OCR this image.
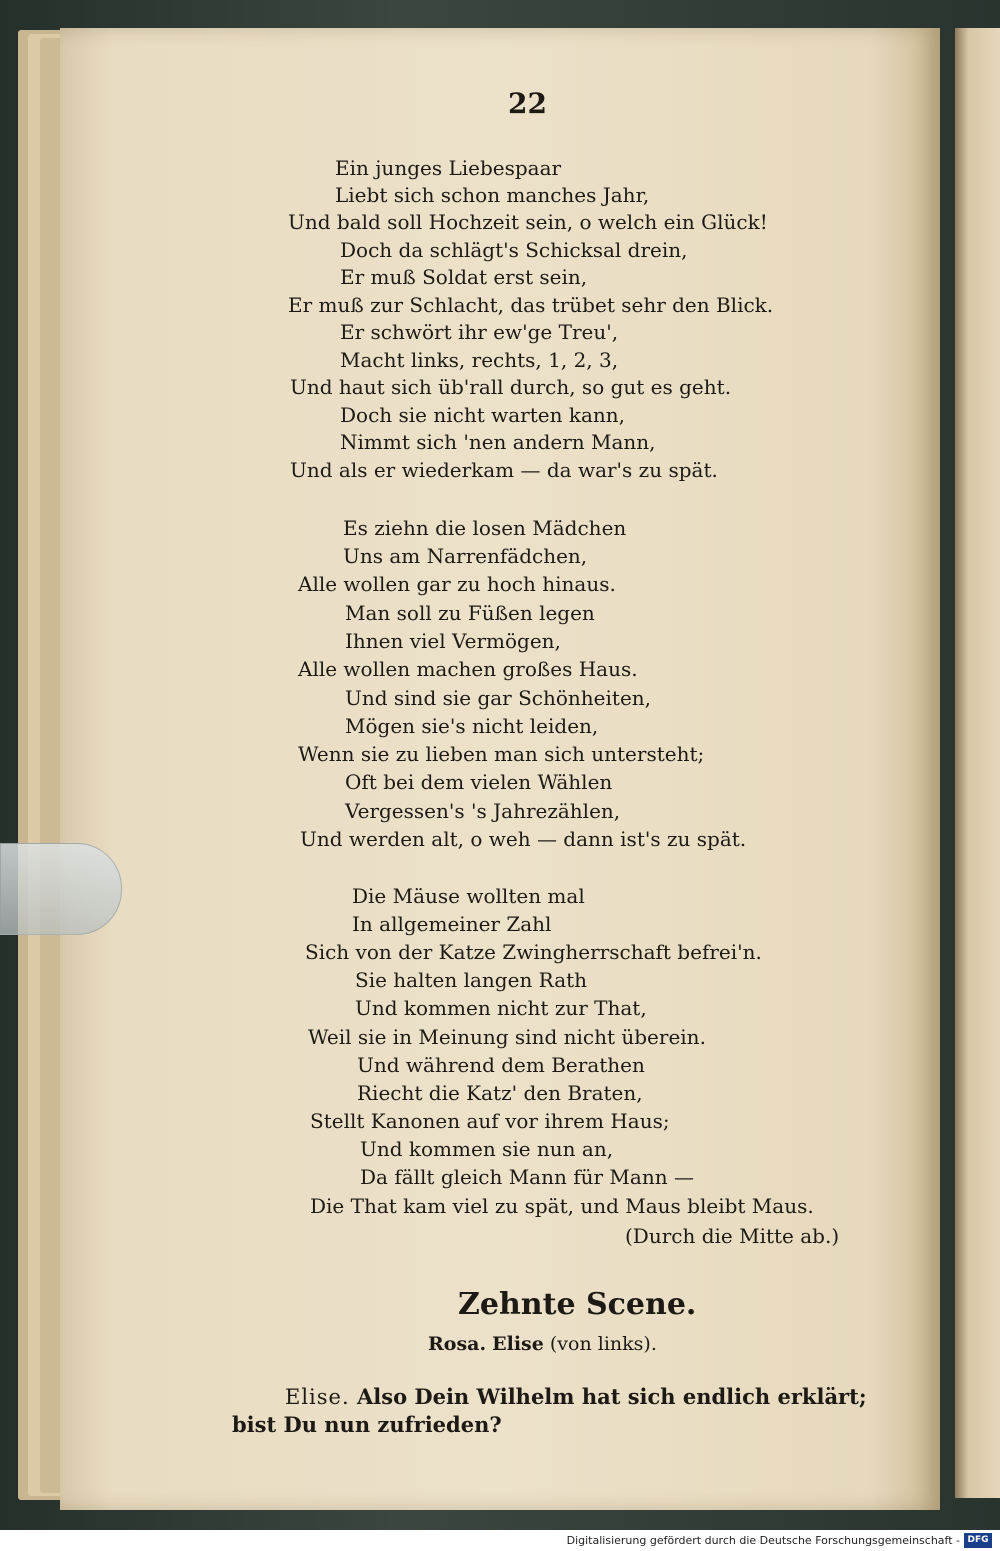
22
Ein junges Liebespaar
Liebt sich schon manches Jahr,
Und bald soll Hochzeit sein, o welch ein Glück!
Doch da schlägt's Schicksal drein,
Er muß Soldat erst sein,
Er muß zur Schlacht, das trübet sehr den Blick.
Er schwört ihr ew'ge Treu',
Macht links, rechts, 1, 2, 3,
Und haut sich üb'rall durch, so gut es geht.
Doch sie nicht warten kann,
Nimmt sich 'nen andern Mann,
Und als er wiederkam — da war's zu spät.
Es ziehn die losen Mädchen
Uns am Narrenfädchen,
Alle wollen gar zu hoch hinaus.
Man soll zu Füßen legen
Ihnen viel Vermögen,
Alle wollen machen großes Haus.
Und sind sie gar Schönheiten,
Mögen sie's nicht leiden,
Wenn sie zu lieben man sich untersteht;
Oft bei dem vielen Wählen
Vergessen's 's Jahrezählen,
Und werden alt, o weh — dann ist's zu spät.
Die Mäuse wollten mal
In allgemeiner Zahl
Sich von der Katze Zwingherrschaft befrei'n.
Sie halten langen Rath
Und kommen nicht zur That,
Weil sie in Meinung sind nicht überein.
Und während dem Berathen
Riecht die Katz' den Braten,
Stellt Kanonen auf vor ihrem Haus;
Und kommen sie nun an,
Da fällt gleich Mann für Mann —
Die That kam viel zu spät, und Maus bleibt Maus.
(Durch die Mitte ab.)
Zehnte Scene.
Rosa. Elise (von links).
Elise. Also Dein Wilhelm hat sich endlich erklärt;
bist Du nun zufrieden?
Digitalisierung gefördert durch die Deutsche Forschungsgemeinschaft - DFG
